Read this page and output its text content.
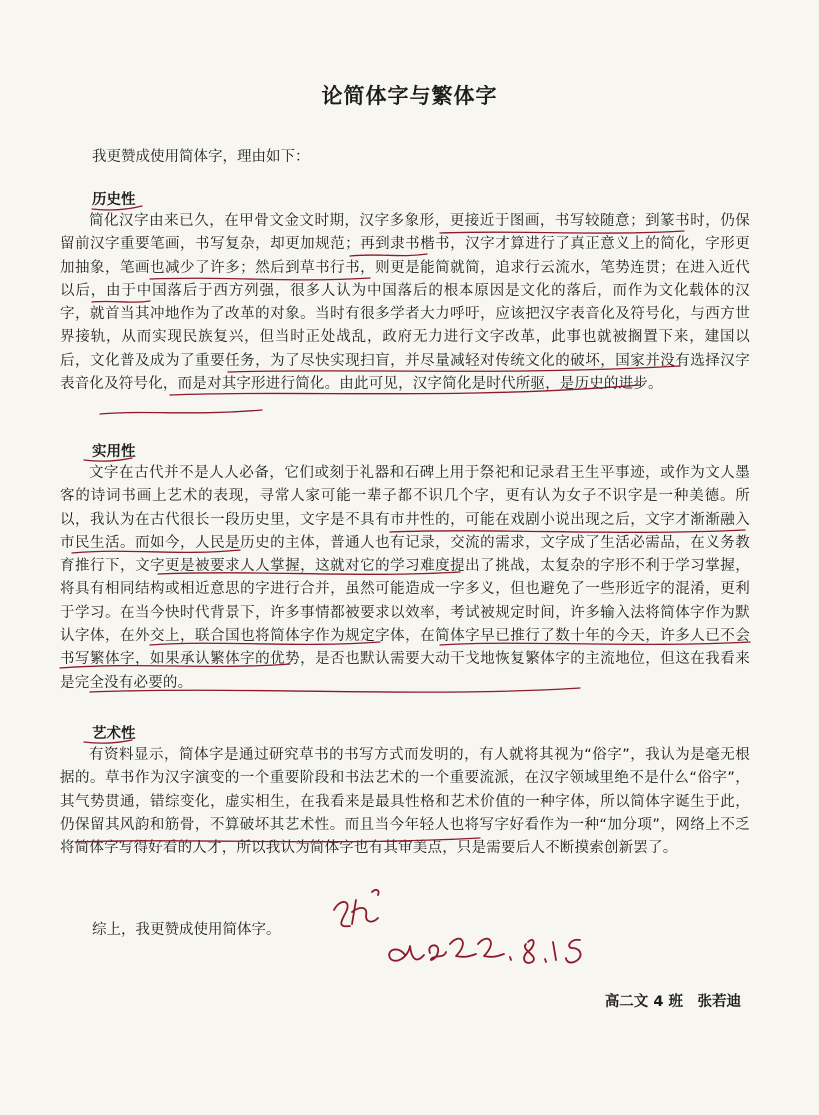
论简体字与繁体字
我更赞成使用简体字，理由如下：
历史性
简化汉字由来已久，在甲骨文金文时期，汉字多象形，更接近于图画，书写较随意；到篆书时，仍保留前汉字重要笔画，书写复杂，却更加规范；再到隶书楷书，汉字才算进行了真正意义上的简化，字形更加抽象，笔画也减少了许多；然后到草书行书，则更是能简就简，追求行云流水，笔势连贯；在进入近代以后，由于中国落后于西方列强，很多人认为中国落后的根本原因是文化的落后，而作为文化载体的汉字，就首当其冲地作为了改革的对象。当时有很多学者大力呼吁，应该把汉字表音化及符号化，与西方世界接轨，从而实现民族复兴，但当时正处战乱，政府无力进行文字改革，此事也就被搁置下来，建国以后，文化普及成为了重要任务，为了尽快实现扫盲，并尽量减轻对传统文化的破坏，国家并没有选择汉字表音化及符号化，而是对其字形进行简化。由此可见，汉字简化是时代所驱，是历史的进步。
实用性
文字在古代并不是人人必备，它们或刻于礼器和石碑上用于祭祀和记录君王生平事迹，或作为文人墨客的诗词书画上艺术的表现，寻常人家可能一辈子都不识几个字，更有认为女子不识字是一种美德。所以，我认为在古代很长一段历史里，文字是不具有市井性的，可能在戏剧小说出现之后，文字才渐渐融入市民生活。而如今，人民是历史的主体，普通人也有记录，交流的需求，文字成了生活必需品，在义务教育推行下，文字更是被要求人人掌握，这就对它的学习难度提出了挑战，太复杂的字形不利于学习掌握，将具有相同结构或相近意思的字进行合并，虽然可能造成一字多义，但也避免了一些形近字的混淆，更利于学习。在当今快时代背景下，许多事情都被要求以效率，考试被规定时间，许多输入法将简体字作为默认字体，在外交上，联合国也将简体字作为规定字体，在简体字早已推行了数十年的今天，许多人已不会书写繁体字，如果承认繁体字的优势，是否也默认需要大动干戈地恢复繁体字的主流地位，但这在我看来是完全没有必要的。
艺术性
有资料显示，简体字是通过研究草书的书写方式而发明的，有人就将其视为“俗字”，我认为是毫无根据的。草书作为汉字演变的一个重要阶段和书法艺术的一个重要流派，在汉字领域里绝不是什么“俗字”，其气势贯通，错综变化，虚实相生，在我看来是最具性格和艺术价值的一种字体，所以简体字诞生于此，仍保留其风韵和筋骨，不算破坏其艺术性。而且当今年轻人也将写字好看作为一种“加分项”，网络上不乏将简体字写得好看的人才，所以我认为简体字也有其审美点，只是需要后人不断摸索创新罢了。
综上，我更赞成使用简体字。
高二文 4 班　张若迪
